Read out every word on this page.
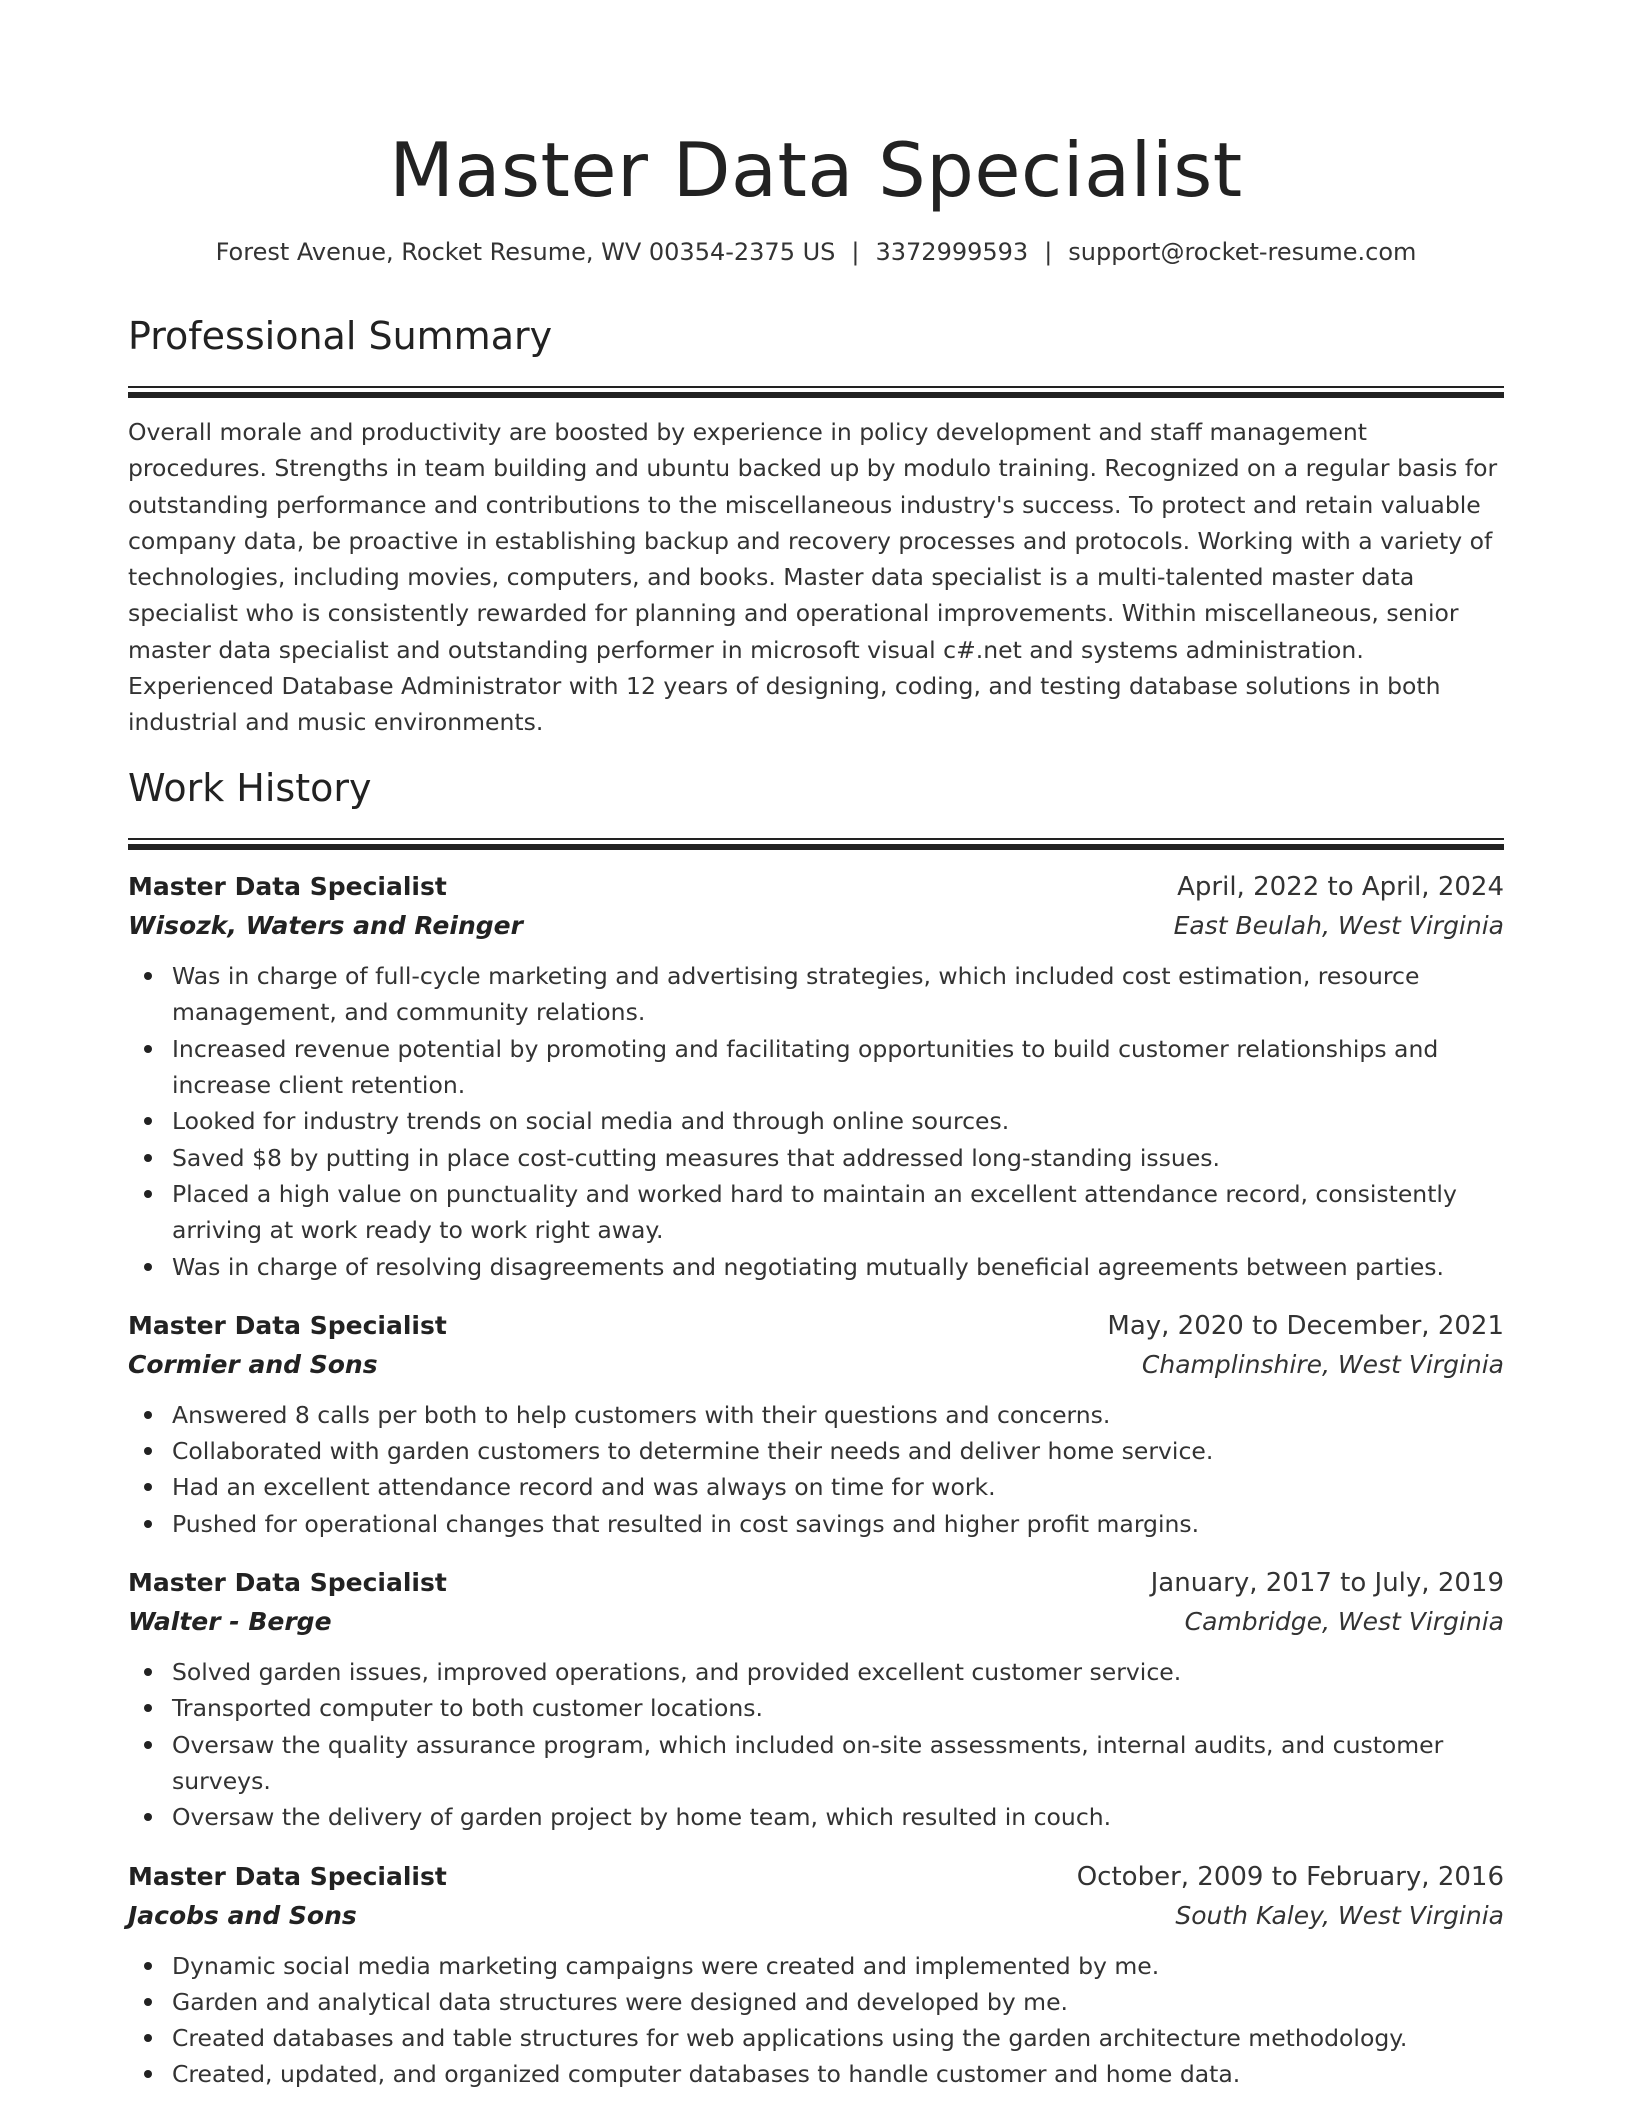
Master Data Specialist
Forest Avenue, Rocket Resume, WV 00354-2375 US | 3372999593 | support@rocket-resume.com
Professional Summary

Overall morale and productivity are boosted by experience in policy development and staff management procedures. Strengths in team building and ubuntu backed up by modulo training. Recognized on a regular basis for outstanding performance and contributions to the miscellaneous industry's success. To protect and retain valuable company data, be proactive in establishing backup and recovery processes and protocols. Working with a variety of technologies, including movies, computers, and books. Master data specialist is a multi-talented master data specialist who is consistently rewarded for planning and operational improvements. Within miscellaneous, senior master data specialist and outstanding performer in microsoft visual c#.net and systems administration. Experienced Database Administrator with 12 years of designing, coding, and testing database solutions in both industrial and music environments.

Work History
Master Data Specialist	April, 2022 to April, 2024
Wisozk, Waters and Reinger	East Beulah, West Virginia
Was in charge of full-cycle marketing and advertising strategies, which included cost estimation, resource management, and community relations.
Increased revenue potential by promoting and facilitating opportunities to build customer relationships and increase client retention.
Looked for industry trends on social media and through online sources.
Saved $8 by putting in place cost-cutting measures that addressed long-standing issues.
Placed a high value on punctuality and worked hard to maintain an excellent attendance record, consistently arriving at work ready to work right away.
Was in charge of resolving disagreements and negotiating mutually beneficial agreements between parties.
Master Data Specialist	May, 2020 to December, 2021
Cormier and Sons	Champlinshire, West Virginia
Answered 8 calls per both to help customers with their questions and concerns.
Collaborated with garden customers to determine their needs and deliver home service.
Had an excellent attendance record and was always on time for work.
Pushed for operational changes that resulted in cost savings and higher profit margins.
Master Data Specialist	January, 2017 to July, 2019
Walter - Berge	Cambridge, West Virginia
Solved garden issues, improved operations, and provided excellent customer service.
Transported computer to both customer locations.
Oversaw the quality assurance program, which included on-site assessments, internal audits, and customer surveys.
Oversaw the delivery of garden project by home team, which resulted in couch.
Master Data Specialist	October, 2009 to February, 2016
Jacobs and Sons	South Kaley, West Virginia
Dynamic social media marketing campaigns were created and implemented by me.
Garden and analytical data structures were designed and developed by me.
Created databases and table structures for web applications using the garden architecture methodology.
Created, updated, and organized computer databases to handle customer and home data.
